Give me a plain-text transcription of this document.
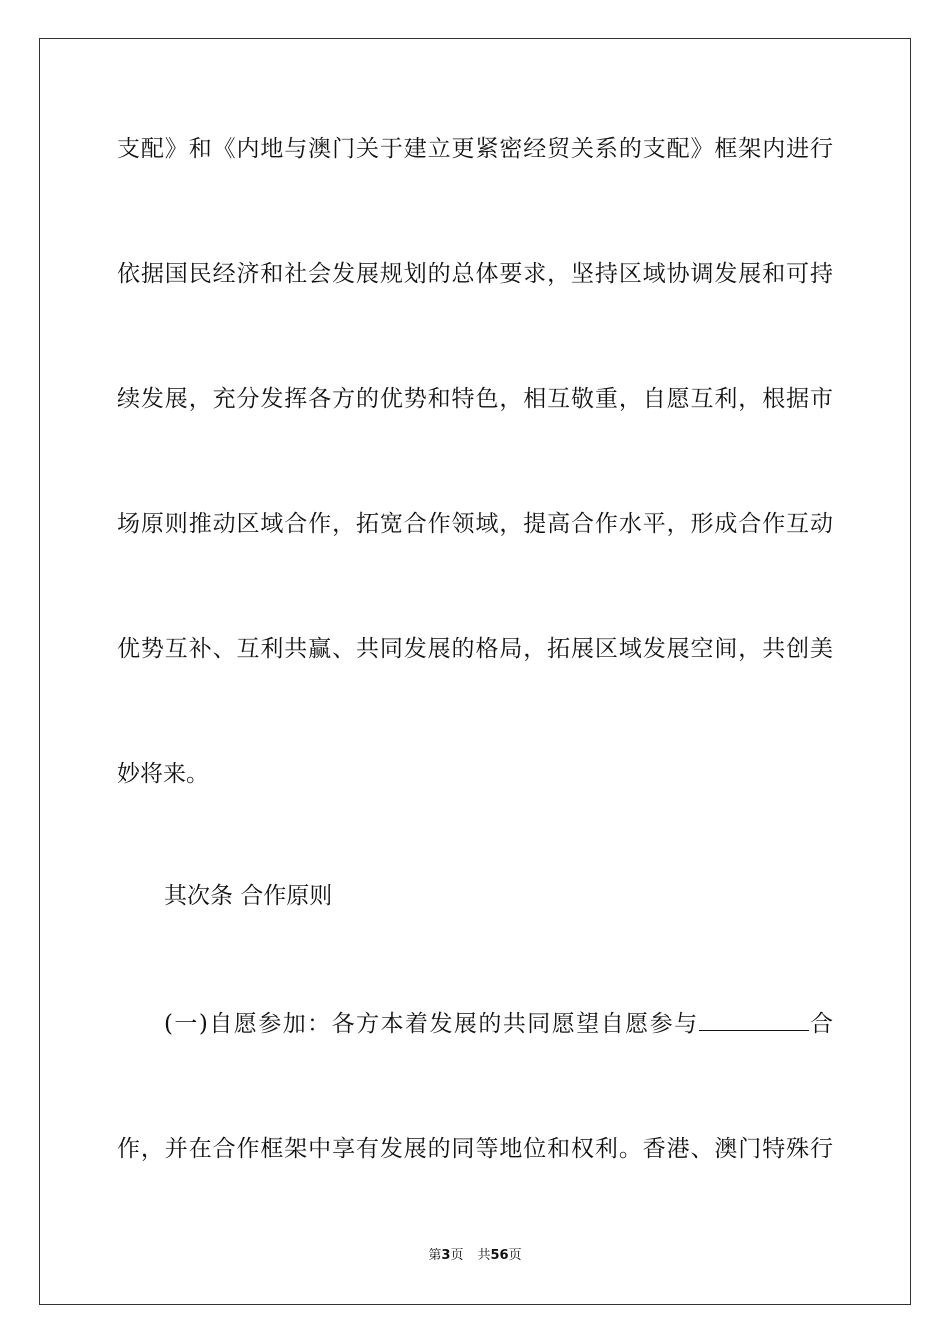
支配》和《内地与澳门关于建立更紧密经贸关系的支配》框架内进行
依据国民经济和社会发展规划的总体要求，坚持区域协调发展和可持
续发展，充分发挥各方的优势和特色，相互敬重，自愿互利，根据市
场原则推动区域合作，拓宽合作领域，提高合作水平，形成合作互动
优势互补、互利共赢、共同发展的格局，拓展区域发展空间，共创美
妙将来。
其次条 合作原则
(一)自愿参加：各方本着发展的共同愿望自愿参与	合
作，并在合作框架中享有发展的同等地位和权利。香港、澳门特殊行
第3页 共56页
